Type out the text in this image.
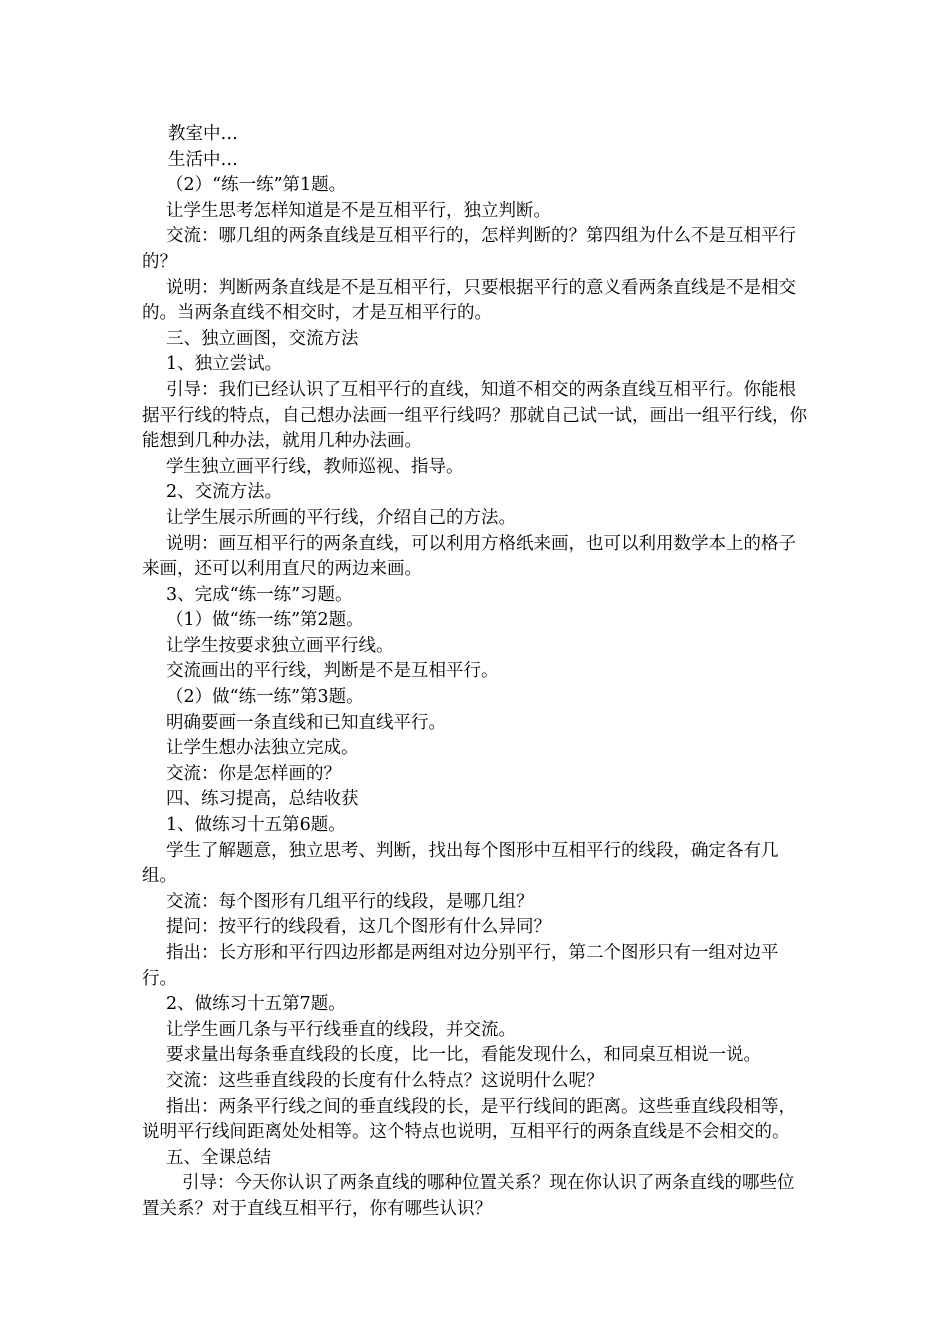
教室中…

生活中…

（2）“练一练”第1题。

让学生思考怎样知道是不是互相平行，独立判断。

交流：哪几组的两条直线是互相平行的，怎样判断的？第四组为什么不是互相平行的？

说明：判断两条直线是不是互相平行，只要根据平行的意义看两条直线是不是相交的。当两条直线不相交时，才是互相平行的。

三、独立画图，交流方法

1、独立尝试。

引导：我们已经认识了互相平行的直线，知道不相交的两条直线互相平行。你能根据平行线的特点，自己想办法画一组平行线吗？那就自己试一试，画出一组平行线，你能想到几种办法，就用几种办法画。

学生独立画平行线，教师巡视、指导。

2、交流方法。

让学生展示所画的平行线，介绍自己的方法。

说明：画互相平行的两条直线，可以利用方格纸来画，也可以利用数学本上的格子来画，还可以利用直尺的两边来画。

3、完成“练一练”习题。

（1）做“练一练”第2题。

让学生按要求独立画平行线。

交流画出的平行线，判断是不是互相平行。

（2）做“练一练”第3题。

明确要画一条直线和已知直线平行。

让学生想办法独立完成。

交流：你是怎样画的？

四、练习提高，总结收获

1、做练习十五第6题。

学生了解题意，独立思考、判断，找出每个图形中互相平行的线段，确定各有几组。

交流：每个图形有几组平行的线段，是哪几组？

提问：按平行的线段看，这几个图形有什么异同？

指出：长方形和平行四边形都是两组对边分别平行，第二个图形只有一组对边平行。

2、做练习十五第7题。

让学生画几条与平行线垂直的线段，并交流。

要求量出每条垂直线段的长度，比一比，看能发现什么，和同桌互相说一说。

交流：这些垂直线段的长度有什么特点？这说明什么呢？

指出：两条平行线之间的垂直线段的长，是平行线间的距离。这些垂直线段相等，说明平行线间距离处处相等。这个特点也说明，互相平行的两条直线是不会相交的。

五、全课总结

引导：今天你认识了两条直线的哪种位置关系？现在你认识了两条直线的哪些位置关系？对于直线互相平行，你有哪些认识？
